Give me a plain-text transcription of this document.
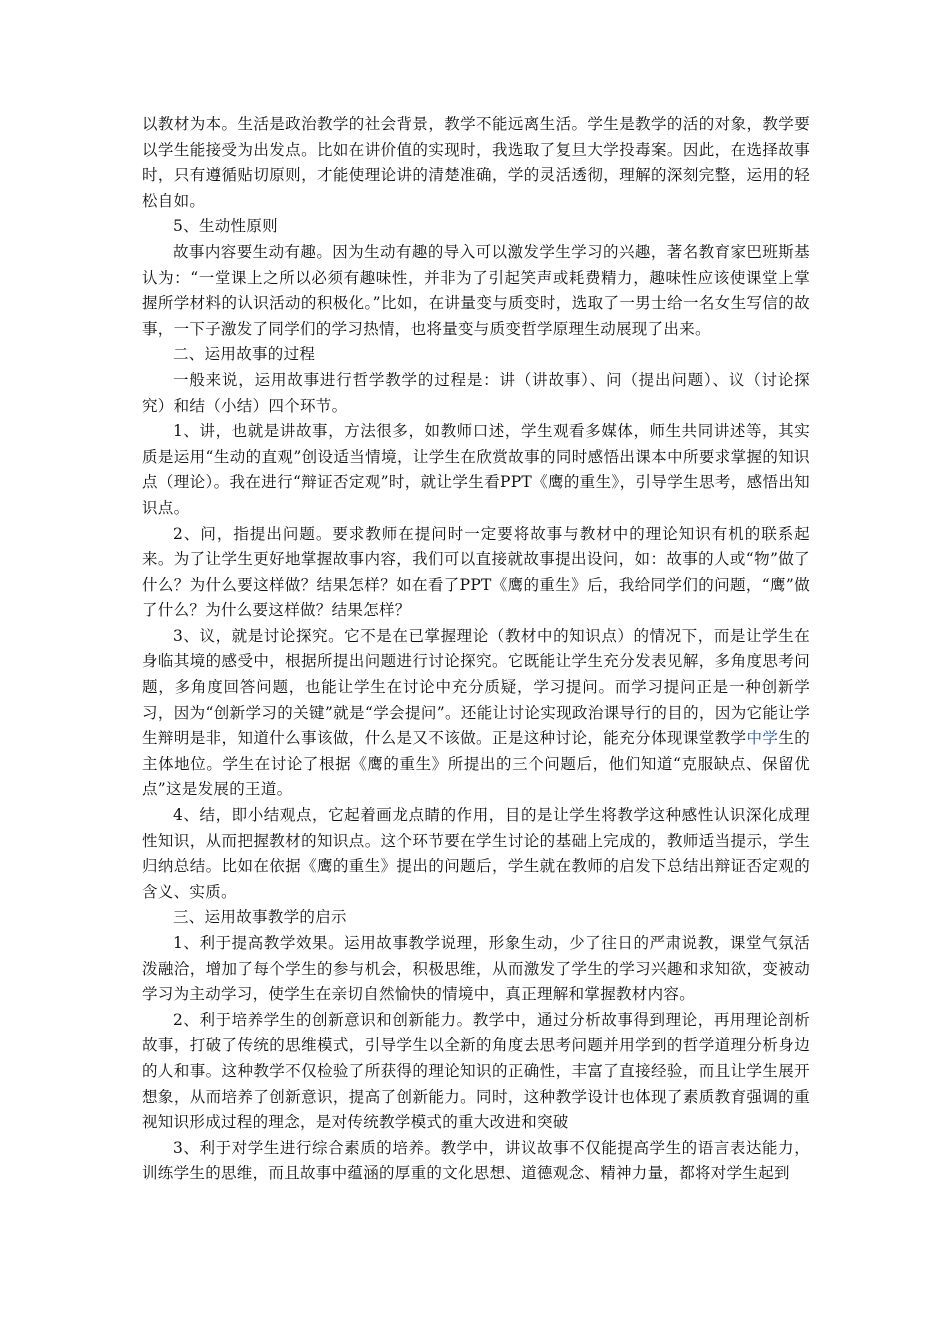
以教材为本。生活是政治教学的社会背景，教学不能远离生活。学生是教学的活的对象，教学要以学生能接受为出发点。比如在讲价值的实现时，我选取了复旦大学投毒案。因此，在选择故事时，只有遵循贴切原则，才能使理论讲的清楚准确，学的灵活透彻，理解的深刻完整，运用的轻松自如。

5、生动性原则

故事内容要生动有趣。因为生动有趣的导入可以激发学生学习的兴趣，著名教育家巴班斯基认为：“一堂课上之所以必须有趣味性，并非为了引起笑声或耗费精力，趣味性应该使课堂上掌握所学材料的认识活动的积极化。”比如，在讲量变与质变时，选取了一男士给一名女生写信的故事，一下子激发了同学们的学习热情，也将量变与质变哲学原理生动展现了出来。

二、运用故事的过程

一般来说，运用故事进行哲学教学的过程是：讲（讲故事）、问（提出问题）、议（讨论探究）和结（小结）四个环节。

1、讲，也就是讲故事，方法很多，如教师口述，学生观看多媒体，师生共同讲述等，其实质是运用“生动的直观”创设适当情境，让学生在欣赏故事的同时感悟出课本中所要求掌握的知识点（理论）。我在进行“辩证否定观”时，就让学生看PPT《鹰的重生》，引导学生思考，感悟出知识点。

2、问，指提出问题。要求教师在提问时一定要将故事与教材中的理论知识有机的联系起来。为了让学生更好地掌握故事内容，我们可以直接就故事提出设问，如：故事的人或“物”做了什么？为什么要这样做？结果怎样？如在看了PPT《鹰的重生》后，我给同学们的问题，“鹰”做了什么？为什么要这样做？结果怎样？

3、议，就是讨论探究。它不是在已掌握理论（教材中的知识点）的情况下，而是让学生在身临其境的感受中，根据所提出问题进行讨论探究。它既能让学生充分发表见解，多角度思考问题，多角度回答问题，也能让学生在讨论中充分质疑，学习提问。而学习提问正是一种创新学习，因为“创新学习的关键”就是“学会提问”。还能让讨论实现政治课导行的目的，因为它能让学生辩明是非，知道什么事该做，什么是又不该做。正是这种讨论，能充分体现课堂教学中学生的主体地位。学生在讨论了根据《鹰的重生》所提出的三个问题后，他们知道“克服缺点、保留优点”这是发展的王道。

4、结，即小结观点，它起着画龙点睛的作用，目的是让学生将教学这种感性认识深化成理性知识，从而把握教材的知识点。这个环节要在学生讨论的基础上完成的，教师适当提示，学生归纳总结。比如在依据《鹰的重生》提出的问题后，学生就在教师的启发下总结出辩证否定观的含义、实质。

三、运用故事教学的启示

1、利于提高教学效果。运用故事教学说理，形象生动，少了往日的严肃说教，课堂气氛活泼融洽，增加了每个学生的参与机会，积极思维，从而激发了学生的学习兴趣和求知欲，变被动学习为主动学习，使学生在亲切自然愉快的情境中，真正理解和掌握教材内容。

2、利于培养学生的创新意识和创新能力。教学中，通过分析故事得到理论，再用理论剖析故事，打破了传统的思维模式，引导学生以全新的角度去思考问题并用学到的哲学道理分析身边的人和事。这种教学不仅检验了所获得的理论知识的正确性，丰富了直接经验，而且让学生展开想象，从而培养了创新意识，提高了创新能力。同时，这种教学设计也体现了素质教育强调的重视知识形成过程的理念，是对传统教学模式的重大改进和突破

3、利于对学生进行综合素质的培养。教学中，讲议故事不仅能提高学生的语言表达能力，训练学生的思维，而且故事中蕴涵的厚重的文化思想、道德观念、精神力量，都将对学生起到
